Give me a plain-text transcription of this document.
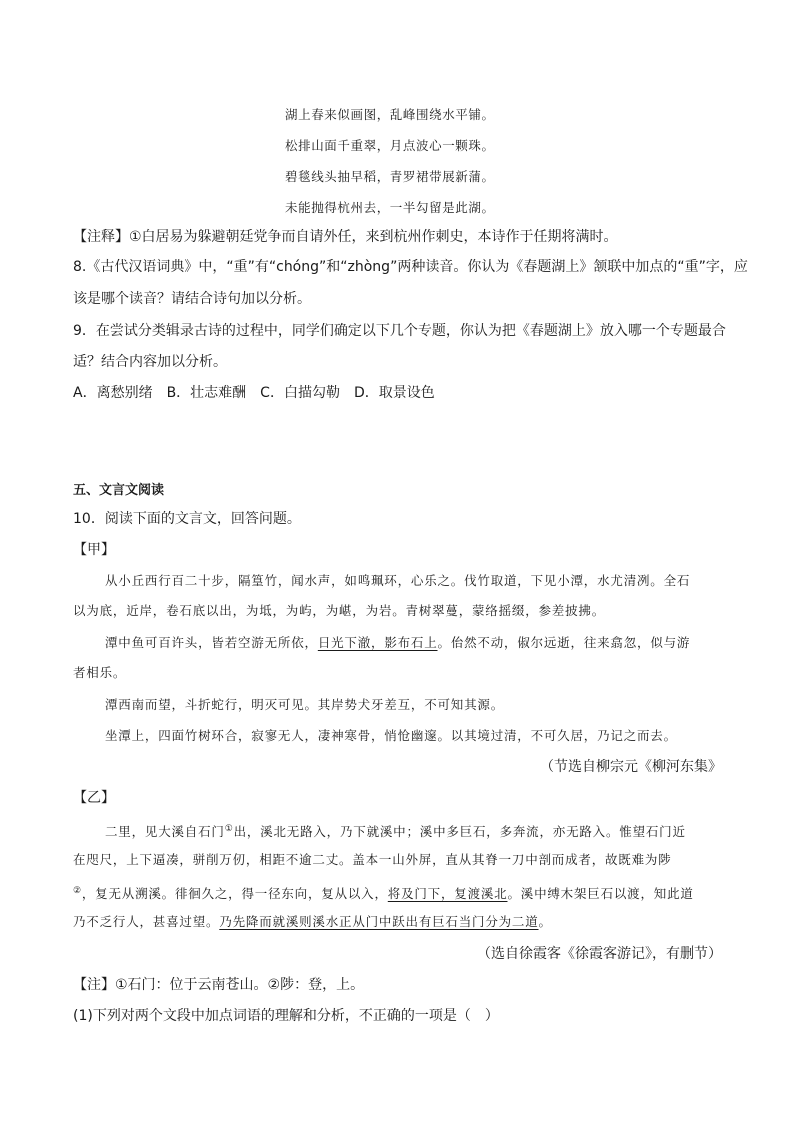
湖上春来似画图，乱峰围绕水平铺。
松排山面千重翠，月点波心一颗珠。
碧毯线头抽早稻，青罗裙带展新蒲。
未能抛得杭州去，一半勾留是此湖。
【注释】①白居易为躲避朝廷党争而自请外任，来到杭州作刺史，本诗作于任期将满时。
8.《古代汉语词典》中，“重”有“chóng”和“zhòng”两种读音。你认为《春题湖上》颔联中加点的“重”字，应
该是哪个读音？请结合诗句加以分析。
9．在尝试分类辑录古诗的过程中，同学们确定以下几个专题，你认为把《春题湖上》放入哪一个专题最合
适？结合内容加以分析。
A．离愁别绪　B．壮志难酬　C．白描勾勒　D．取景设色
五、文言文阅读
10．阅读下面的文言文，回答问题。
【甲】
从小丘西行百二十步，隔篁竹，闻水声，如鸣珮环，心乐之。伐竹取道，下见小潭，水尤清冽。全石
以为底，近岸，卷石底以出，为坻，为屿，为嵁，为岩。青树翠蔓，蒙络摇缀，参差披拂。
潭中鱼可百许头，皆若空游无所依，日光下澈，影布石上。佁然不动，俶尔远逝，往来翕忽，似与游
者相乐。
潭西南而望，斗折蛇行，明灭可见。其岸势犬牙差互，不可知其源。
坐潭上，四面竹树环合，寂寥无人，凄神寒骨，悄怆幽邃。以其境过清，不可久居，乃记之而去。
（节选自柳宗元《柳河东集》
【乙】
二里，见大溪自石门①出，溪北无路入，乃下就溪中；溪中多巨石，多奔流，亦无路入。惟望石门近
在咫尺，上下逼凑，骈削万仞，相距不逾二丈。盖本一山外屏，直从其脊一刀中剖而成者，故既难为陟
②，复无从溯溪。徘徊久之，得一径东向，复从以入，将及门下，复渡溪北。溪中缚木架巨石以渡，知此道
乃不乏行人，甚喜过望。乃先降而就溪则溪水正从门中跃出有巨石当门分为二道。
（选自徐霞客《徐霞客游记》，有删节）
【注】①石门：位于云南苍山。②陟：登，上。
(1)下列对两个文段中加点词语的理解和分析，不正确的一项是（　）
